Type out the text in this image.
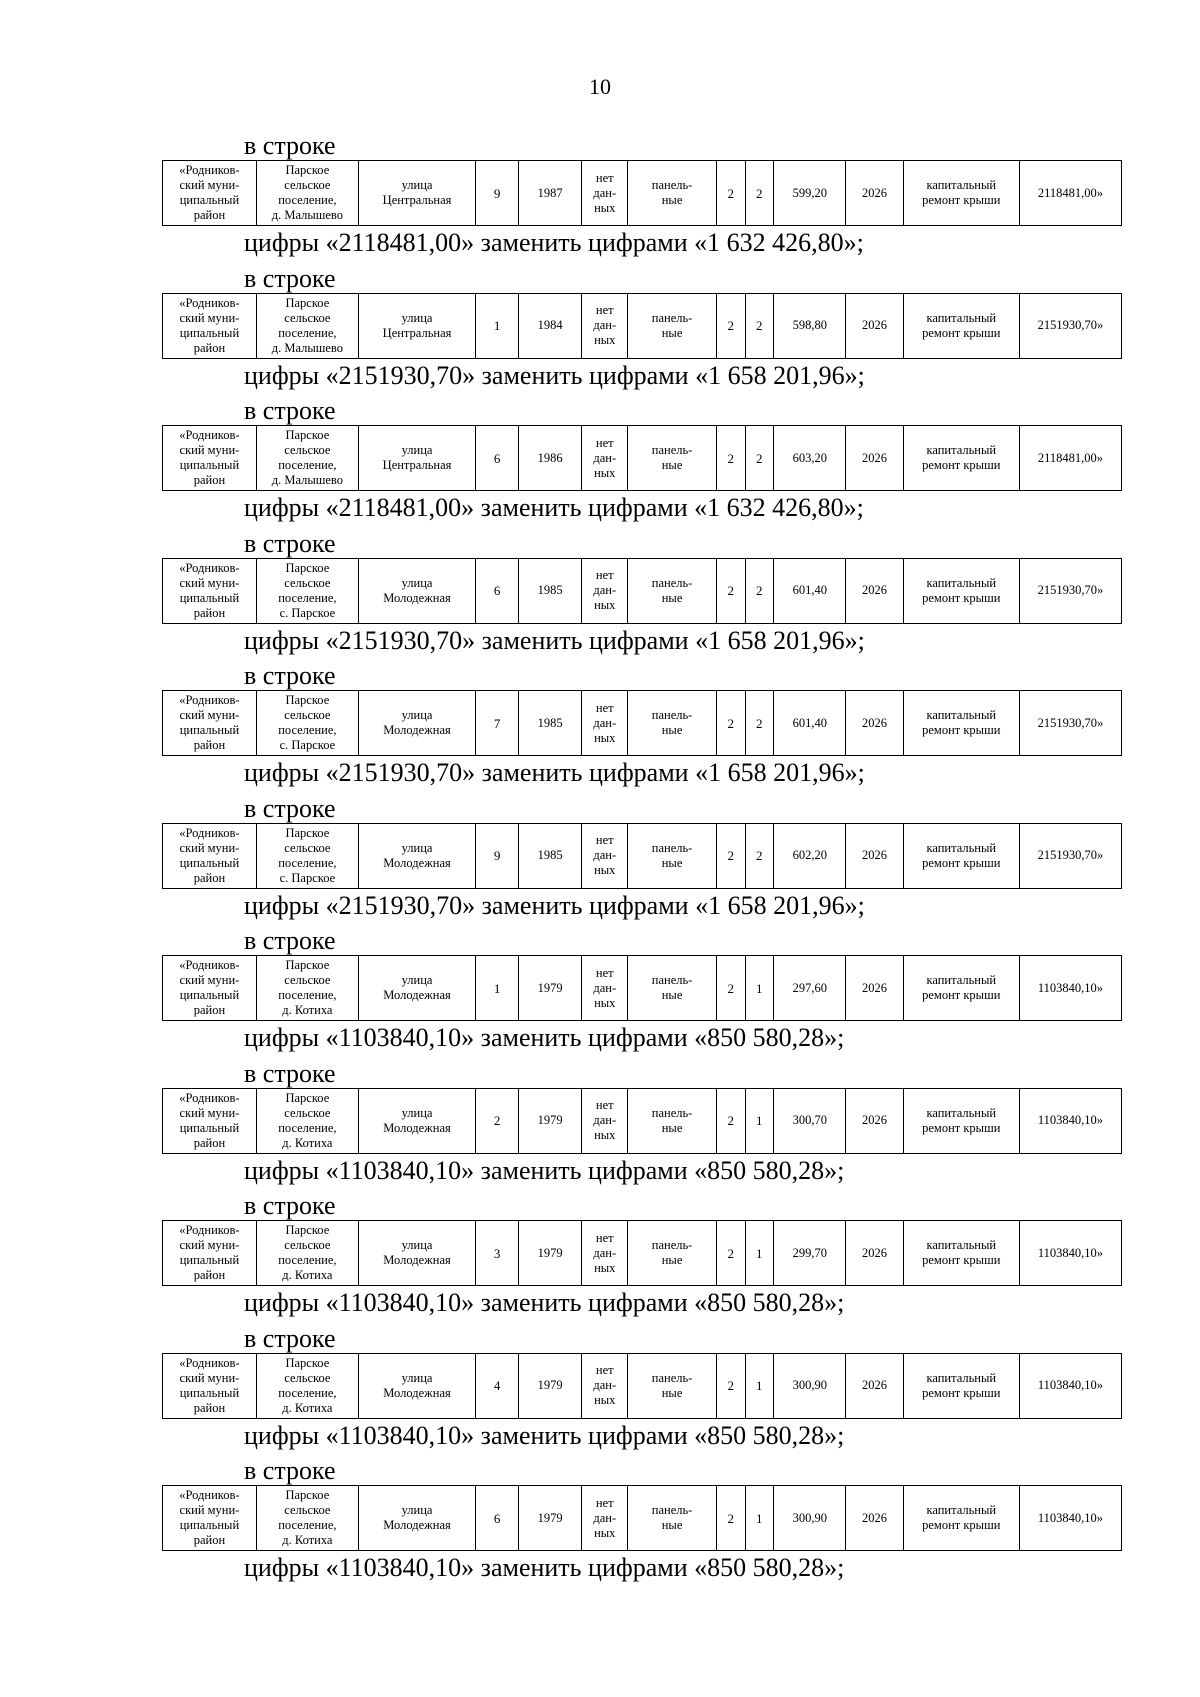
10
в строке
«Родников-
ский муни-
ципальный
район	Парское
сельское
поселение,
д. Малышево	улица
Центральная	9	1987	нет
дан-
ных	панель-
ные	2	2	599,20	2026	капитальный
ремонт крыши	2118481,00»
цифры «2118481,00» заменить цифрами «1 632 426,80»;
в строке
«Родников-
ский муни-
ципальный
район	Парское
сельское
поселение,
д. Малышево	улица
Центральная	1	1984	нет
дан-
ных	панель-
ные	2	2	598,80	2026	капитальный
ремонт крыши	2151930,70»
цифры «2151930,70» заменить цифрами «1 658 201,96»;
в строке
«Родников-
ский муни-
ципальный
район	Парское
сельское
поселение,
д. Малышево	улица
Центральная	6	1986	нет
дан-
ных	панель-
ные	2	2	603,20	2026	капитальный
ремонт крыши	2118481,00»
цифры «2118481,00» заменить цифрами «1 632 426,80»;
в строке
«Родников-
ский муни-
ципальный
район	Парское
сельское
поселение,
с. Парское	улица
Молодежная	6	1985	нет
дан-
ных	панель-
ные	2	2	601,40	2026	капитальный
ремонт крыши	2151930,70»
цифры «2151930,70» заменить цифрами «1 658 201,96»;
в строке
«Родников-
ский муни-
ципальный
район	Парское
сельское
поселение,
с. Парское	улица
Молодежная	7	1985	нет
дан-
ных	панель-
ные	2	2	601,40	2026	капитальный
ремонт крыши	2151930,70»
цифры «2151930,70» заменить цифрами «1 658 201,96»;
в строке
«Родников-
ский муни-
ципальный
район	Парское
сельское
поселение,
с. Парское	улица
Молодежная	9	1985	нет
дан-
ных	панель-
ные	2	2	602,20	2026	капитальный
ремонт крыши	2151930,70»
цифры «2151930,70» заменить цифрами «1 658 201,96»;
в строке
«Родников-
ский муни-
ципальный
район	Парское
сельское
поселение,
д. Котиха	улица
Молодежная	1	1979	нет
дан-
ных	панель-
ные	2	1	297,60	2026	капитальный
ремонт крыши	1103840,10»
цифры «1103840,10» заменить цифрами «850 580,28»;
в строке
«Родников-
ский муни-
ципальный
район	Парское
сельское
поселение,
д. Котиха	улица
Молодежная	2	1979	нет
дан-
ных	панель-
ные	2	1	300,70	2026	капитальный
ремонт крыши	1103840,10»
цифры «1103840,10» заменить цифрами «850 580,28»;
в строке
«Родников-
ский муни-
ципальный
район	Парское
сельское
поселение,
д. Котиха	улица
Молодежная	3	1979	нет
дан-
ных	панель-
ные	2	1	299,70	2026	капитальный
ремонт крыши	1103840,10»
цифры «1103840,10» заменить цифрами «850 580,28»;
в строке
«Родников-
ский муни-
ципальный
район	Парское
сельское
поселение,
д. Котиха	улица
Молодежная	4	1979	нет
дан-
ных	панель-
ные	2	1	300,90	2026	капитальный
ремонт крыши	1103840,10»
цифры «1103840,10» заменить цифрами «850 580,28»;
в строке
«Родников-
ский муни-
ципальный
район	Парское
сельское
поселение,
д. Котиха	улица
Молодежная	6	1979	нет
дан-
ных	панель-
ные	2	1	300,90	2026	капитальный
ремонт крыши	1103840,10»
цифры «1103840,10» заменить цифрами «850 580,28»;
